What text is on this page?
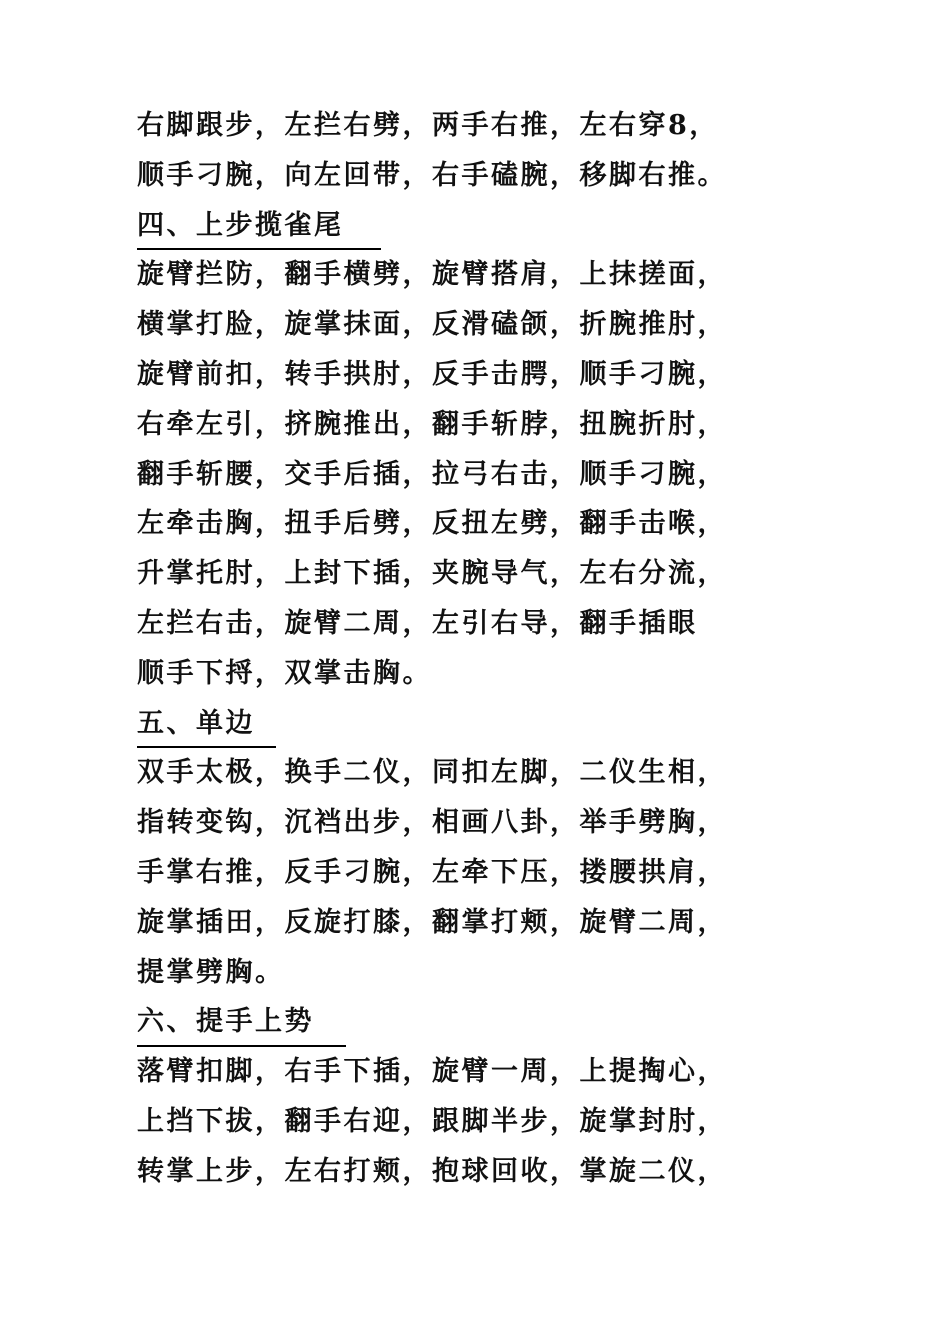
右脚跟步，左拦右劈，两手右推，左右穿8，
顺手刁腕，向左回带，右手磕腕，移脚右推。
四、上步揽雀尾
旋臂拦防，翻手横劈，旋臂搭肩，上抹搓面，
横掌打脸，旋掌抹面，反滑磕颌，折腕推肘，
旋臂前扣，转手拱肘，反手击腭，顺手刁腕，
右牵左引，挤腕推出，翻手斩脖，扭腕折肘，
翻手斩腰，交手后插，拉弓右击，顺手刁腕，
左牵击胸，扭手后劈，反扭左劈，翻手击喉，
升掌托肘，上封下插，夹腕导气，左右分流，
左拦右击，旋臂二周，左引右导，翻手插眼
顺手下捋，双掌击胸。
五、单边
双手太极，换手二仪，同扣左脚，二仪生相，
指转变钩，沉裆出步，相画八卦，举手劈胸，
手掌右推，反手刁腕，左牵下压，搂腰拱肩，
旋掌插田，反旋打膝，翻掌打颊，旋臂二周，
提掌劈胸。
六、提手上势
落臂扣脚，右手下插，旋臂一周，上提掏心，
上挡下拔，翻手右迎，跟脚半步，旋掌封肘，
转掌上步，左右打颊，抱球回收，掌旋二仪，
